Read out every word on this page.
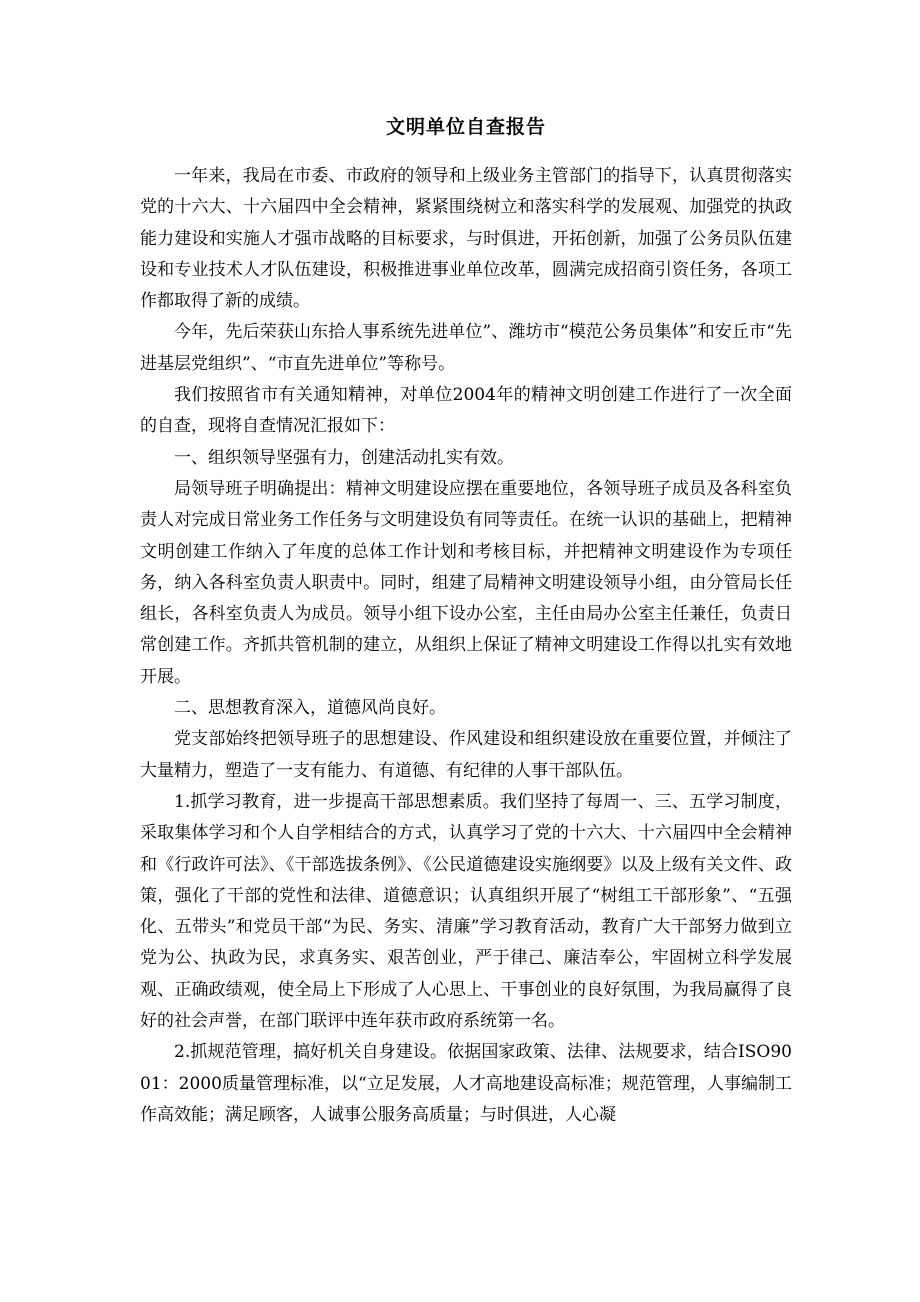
文明单位自查报告

一年来，我局在市委、市政府的领导和上级业务主管部门的指导下，认真贯彻落实党的十六大、十六届四中全会精神，紧紧围绕树立和落实科学的发展观、加强党的执政能力建设和实施人才强市战略的目标要求，与时俱进，开拓创新，加强了公务员队伍建设和专业技术人才队伍建设，积极推进事业单位改革，圆满完成招商引资任务，各项工作都取得了新的成绩。

今年，先后荣获山东拾人事系统先进单位”、潍坊市“模范公务员集体”和安丘市“先进基层党组织”、“市直先进单位”等称号。

我们按照省市有关通知精神，对单位2004年的精神文明创建工作进行了一次全面的自查，现将自查情况汇报如下：

一、组织领导坚强有力，创建活动扎实有效。

局领导班子明确提出：精神文明建设应摆在重要地位，各领导班子成员及各科室负责人对完成日常业务工作任务与文明建设负有同等责任。在统一认识的基础上，把精神文明创建工作纳入了年度的总体工作计划和考核目标，并把精神文明建设作为专项任务，纳入各科室负责人职责中。同时，组建了局精神文明建设领导小组，由分管局长任组长，各科室负责人为成员。领导小组下设办公室，主任由局办公室主任兼任，负责日常创建工作。齐抓共管机制的建立，从组织上保证了精神文明建设工作得以扎实有效地开展。

二、思想教育深入，道德风尚良好。

党支部始终把领导班子的思想建设、作风建设和组织建设放在重要位置，并倾注了大量精力，塑造了一支有能力、有道德、有纪律的人事干部队伍。

1.抓学习教育，进一步提高干部思想素质。我们坚持了每周一、三、五学习制度，采取集体学习和个人自学相结合的方式，认真学习了党的十六大、十六届四中全会精神和《行政许可法》、《干部选拔条例》、《公民道德建设实施纲要》以及上级有关文件、政策，强化了干部的党性和法律、道德意识；认真组织开展了“树组工干部形象”、“五强化、五带头”和党员干部“为民、务实、清廉”学习教育活动，教育广大干部努力做到立党为公、执政为民，求真务实、艰苦创业，严于律己、廉洁奉公，牢固树立科学发展观、正确政绩观，使全局上下形成了人心思上、干事创业的良好氛围，为我局赢得了良好的社会声誉，在部门联评中连年获市政府系统第一名。

2.抓规范管理，搞好机关自身建设。依据国家政策、法律、法规要求，结合ISO9001：2000质量管理标准，以“立足发展，人才高地建设高标准；规范管理，人事编制工作高效能；满足顾客，人诚事公服务高质量；与时俱进，人心凝
